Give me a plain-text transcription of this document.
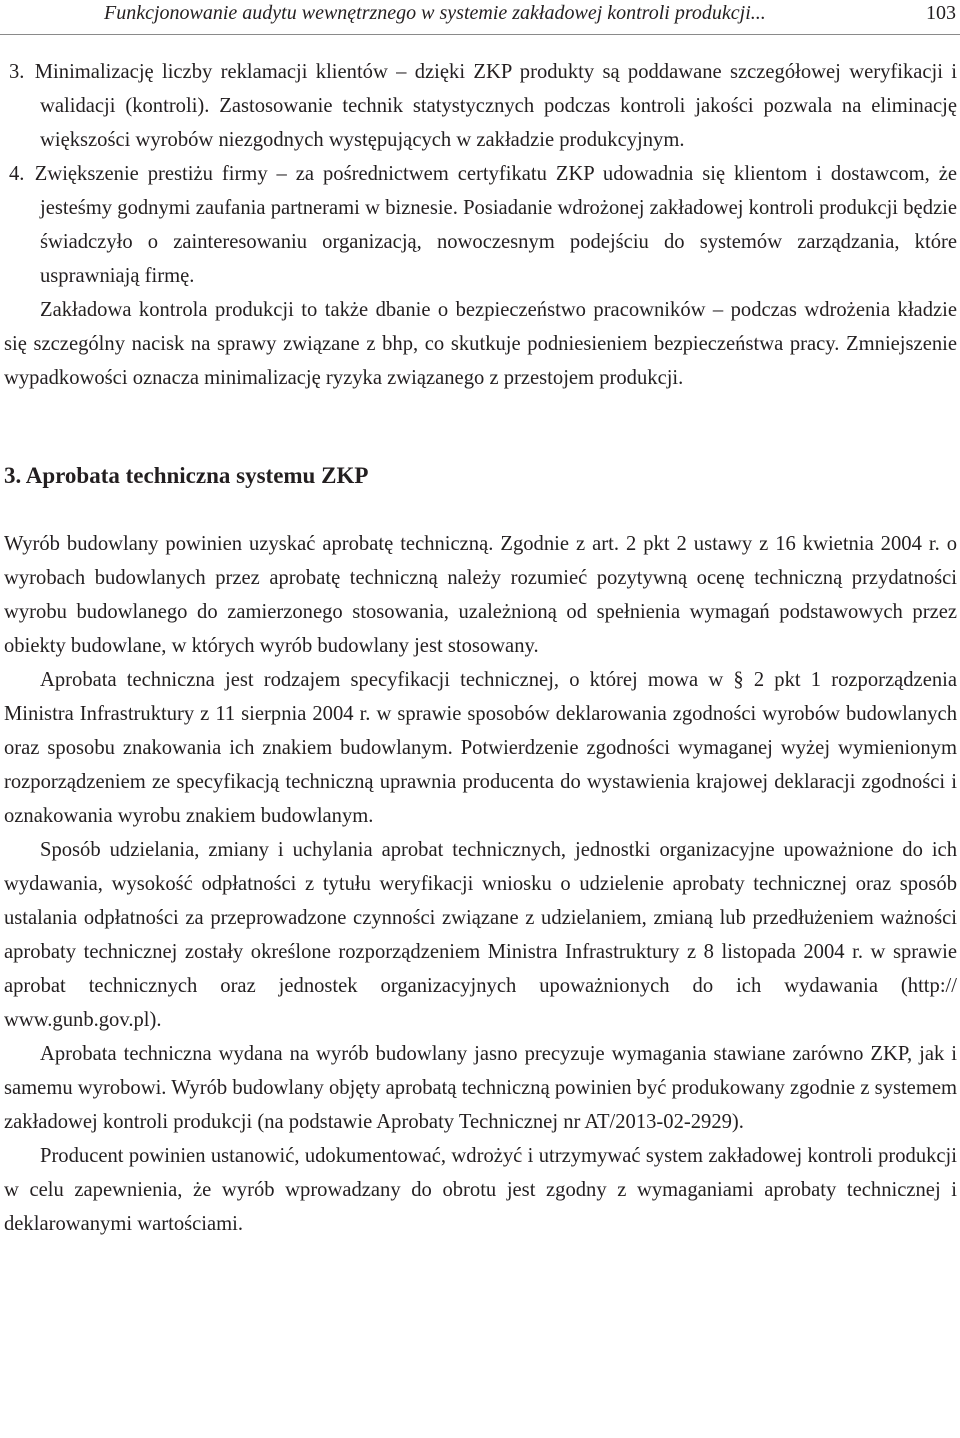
Funkcjonowanie audytu wewnętrznego w systemie zakładowej kontroli produkcji...	103

3. Minimalizację liczby reklamacji klientów – dzięki ZKP produkty są poddawane szczegółowej weryfikacji i walidacji (kontroli). Zastosowanie technik statystycznych podczas kontroli jakości pozwala na eliminację większości wyrobów niezgodnych występujących w zakładzie produkcyjnym.

4. Zwiększenie prestiżu firmy – za pośrednictwem certyfikatu ZKP udowadnia się klientom i dostawcom, że jesteśmy godnymi zaufania partnerami w biznesie. Posiadanie wdrożonej zakładowej kontroli produkcji będzie świadczyło o zainteresowaniu organizacją, nowoczesnym podejściu do systemów zarządzania, które usprawniają firmę.

Zakładowa kontrola produkcji to także dbanie o bezpieczeństwo pracowników – podczas wdrożenia kładzie się szczególny nacisk na sprawy związane z bhp, co skutkuje podniesieniem bezpieczeństwa pracy. Zmniejszenie wypadkowości oznacza minimalizację ryzyka związanego z przestojem produkcji.

3. Aprobata techniczna systemu ZKP

Wyrób budowlany powinien uzyskać aprobatę techniczną. Zgodnie z art. 2 pkt 2 ustawy z 16 kwietnia 2004 r. o wyrobach budowlanych przez aprobatę techniczną należy rozumieć pozytywną ocenę techniczną przydatności wyrobu budowlanego do zamierzonego stosowania, uzależnioną od spełnienia wymagań podstawowych przez obiekty budowlane, w których wyrób budowlany jest stosowany.

Aprobata techniczna jest rodzajem specyfikacji technicznej, o której mowa w § 2 pkt 1 rozporządzenia Ministra Infrastruktury z 11 sierpnia 2004 r. w sprawie sposobów deklarowania zgodności wyrobów budowlanych oraz sposobu znakowania ich znakiem budowlanym. Potwierdzenie zgodności wymaganej wyżej wymienionym rozporządzeniem ze specyfikacją techniczną uprawnia producenta do wystawienia krajowej deklaracji zgodności i oznakowania wyrobu znakiem budowlanym.

Sposób udzielania, zmiany i uchylania aprobat technicznych, jednostki organizacyjne upoważnione do ich wydawania, wysokość odpłatności z tytułu weryfikacji wniosku o udzielenie aprobaty technicznej oraz sposób ustalania odpłatności za przeprowadzone czynności związane z udzielaniem, zmianą lub przedłużeniem ważności aprobaty technicznej zostały określone rozporządzeniem Ministra Infrastruktury z 8 listopada 2004 r. w sprawie aprobat technicznych oraz jednostek organizacyjnych upoważnionych do ich wydawania (http:// www.gunb.gov.pl).

Aprobata techniczna wydana na wyrób budowlany jasno precyzuje wymagania stawiane zarówno ZKP, jak i samemu wyrobowi. Wyrób budowlany objęty aprobatą techniczną powinien być produkowany zgodnie z systemem zakładowej kontroli produkcji (na podstawie Aprobaty Technicznej nr AT/2013-02-2929).

Producent powinien ustanowić, udokumentować, wdrożyć i utrzymywać system zakładowej kontroli produkcji w celu zapewnienia, że wyrób wprowadzany do obrotu jest zgodny z wymaganiami aprobaty technicznej i deklarowanymi wartościami.
